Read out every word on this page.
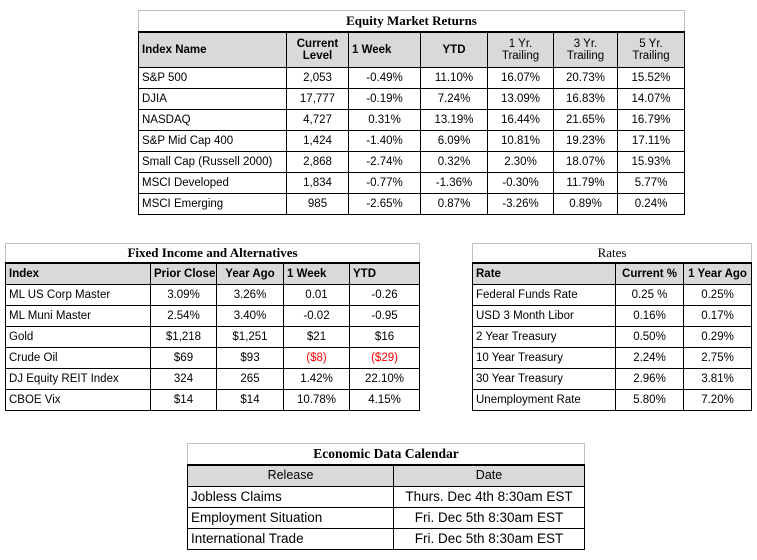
Equity Market Returns						
Index Name	Current Level	1 Week	YTD	1 Yr. Trailing	3 Yr. Trailing	5 Yr. Trailing
S&P 500	2,053	-0.49%	11.10%	16.07%	20.73%	15.52%
DJIA	17,777	-0.19%	7.24%	13.09%	16.83%	14.07%
NASDAQ	4,727	0.31%	13.19%	16.44%	21.65%	16.79%
S&P Mid Cap 400	1,424	-1.40%	6.09%	10.81%	19.23%	17.11%
Small Cap (Russell 2000)	2,868	-2.74%	0.32%	2.30%	18.07%	15.93%
MSCI Developed	1,834	-0.77%	-1.36%	-0.30%	11.79%	5.77%
MSCI Emerging	985	-2.65%	0.87%	-3.26%	0.89%	0.24%
Fixed Income and Alternatives				
Index	Prior Close	Year Ago	1 Week	YTD
ML US Corp Master	3.09%	3.26%	0.01	-0.26
ML Muni Master	2.54%	3.40%	-0.02	-0.95
Gold	$1,218	$1,251	$21	$16
Crude Oil	$69	$93	($8)	($29)
DJ Equity REIT Index	324	265	1.42%	22.10%
CBOE Vix	$14	$14	10.78%	4.15%
Rates		
Rate	Current %	1 Year Ago
Federal Funds Rate	0.25 %	0.25%
USD 3 Month Libor	0.16%	0.17%
2 Year Treasury	0.50%	0.29%
10 Year Treasury	2.24%	2.75%
30 Year Treasury	2.96%	3.81%
Unemployment Rate	5.80%	7.20%
Economic Data Calendar	
Release	Date
Jobless Claims	Thurs. Dec 4th 8:30am EST
Employment Situation	Fri. Dec 5th 8:30am EST
International Trade	Fri. Dec 5th 8:30am EST
